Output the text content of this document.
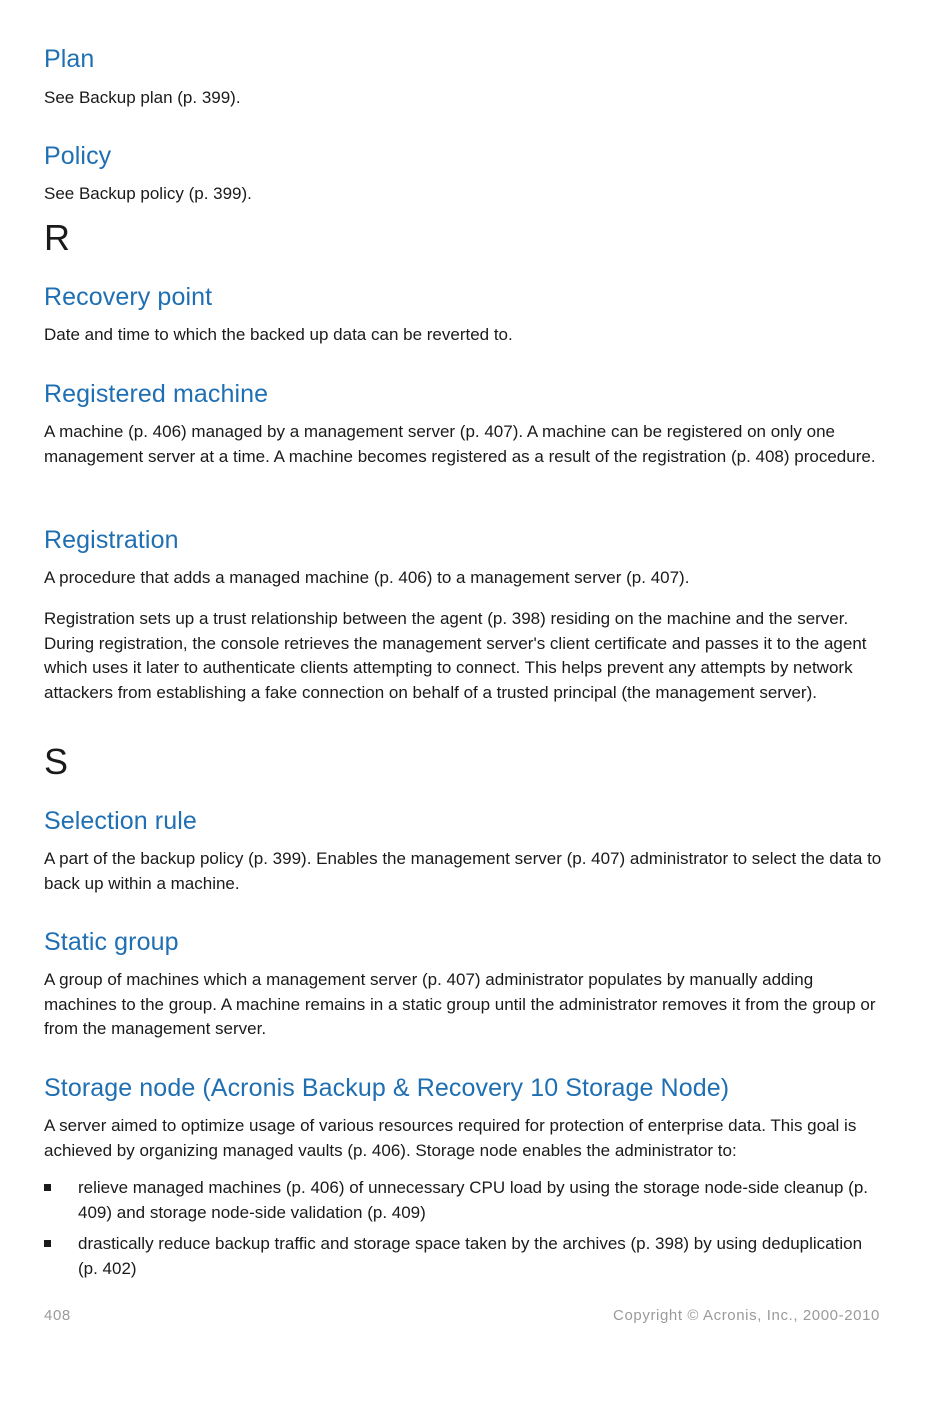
Plan

See Backup plan (p. 399).

Policy

See Backup policy (p. 399).

R
Recovery point

Date and time to which the backed up data can be reverted to.

Registered machine

A machine (p. 406) managed by a management server (p. 407). A machine can be registered on only one management server at a time. A machine becomes registered as a result of the registration (p. 408) procedure.

Registration

A procedure that adds a managed machine (p. 406) to a management server (p. 407).

Registration sets up a trust relationship between the agent (p. 398) residing on the machine and the server. During registration, the console retrieves the management server's client certificate and passes it to the agent which uses it later to authenticate clients attempting to connect. This helps prevent any attempts by network attackers from establishing a fake connection on behalf of a trusted principal (the management server).

S
Selection rule

A part of the backup policy (p. 399). Enables the management server (p. 407) administrator to select the data to back up within a machine.

Static group

A group of machines which a management server (p. 407) administrator populates by manually adding machines to the group. A machine remains in a static group until the administrator removes it from the group or from the management server.

Storage node (Acronis Backup & Recovery 10 Storage Node)

A server aimed to optimize usage of various resources required for protection of enterprise data. This goal is achieved by organizing managed vaults (p. 406). Storage node enables the administrator to:

relieve managed machines (p. 406) of unnecessary CPU load by using the storage node-side cleanup (p. 409) and storage node-side validation (p. 409)
drastically reduce backup traffic and storage space taken by the archives (p. 398) by using deduplication (p. 402)
408	Copyright © Acronis, Inc., 2000-2010
